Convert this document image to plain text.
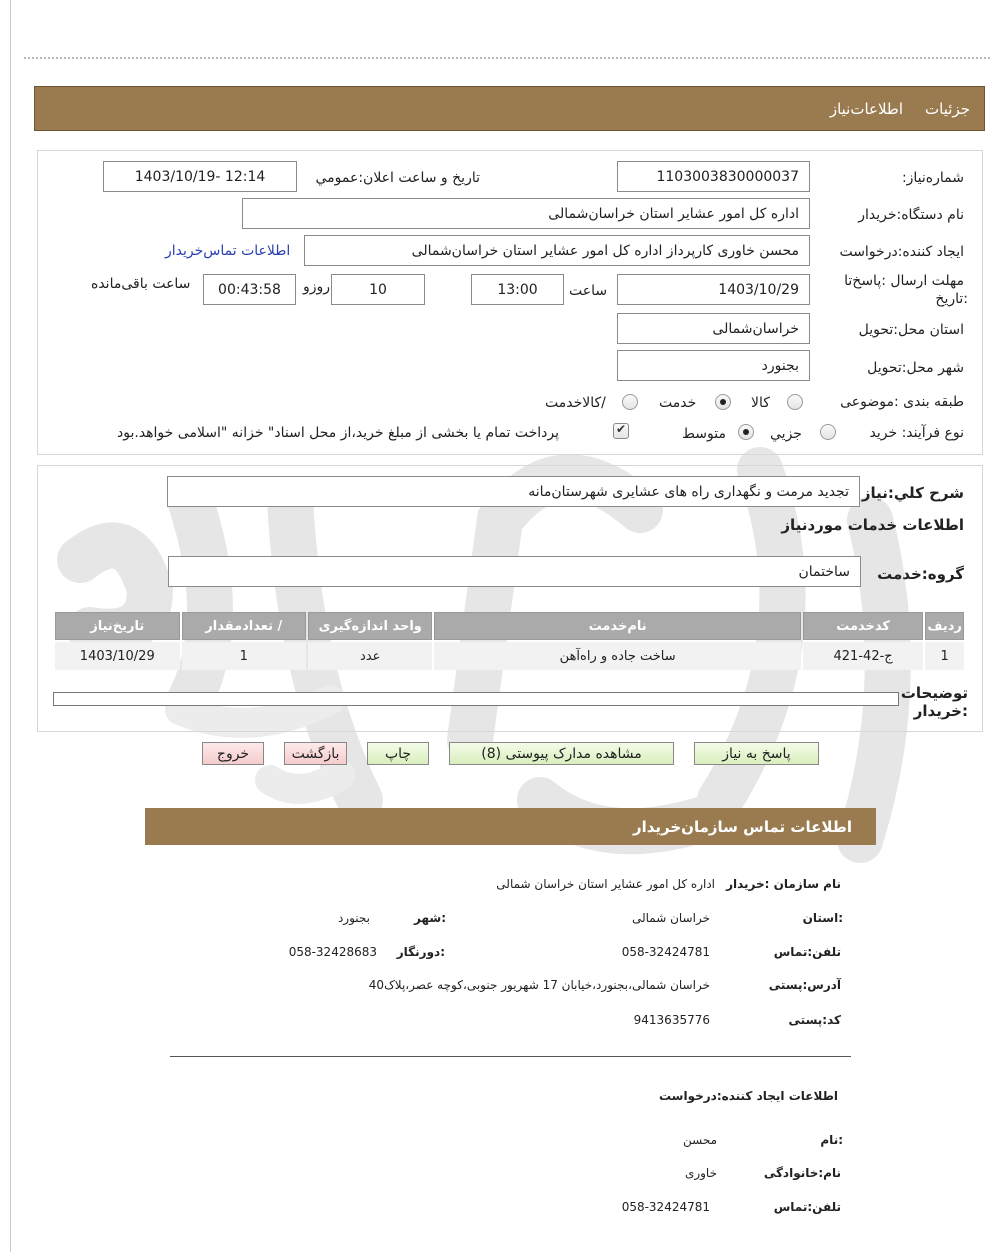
اطلاعات‌نیاز جزئیات
شماره‌نیاز:
1103003830000037
تاریخ و ساعت اعلان:عمومي
1403/10/19- 12:14
نام دستگاه:خریدار
اداره کل امور عشایر استان خراسان‌شمالی
ایجاد کننده:درخواست
محسن خاوری کارپرداز اداره کل امور عشایر استان خراسان‌شمالی
اطلاعات تماس‌خریدار
مهلت ارسال :پاسخ‌تا
:تاریخ
1403/10/29
ساعت
13:00
10
روزو
00:43:58
ساعت باقی‌مانده
استان محل:تحویل
خراسان‌شمالی
شهر محل:تحویل
بجنورد
طبقه بندی :موضوعی
کالا
خدمت
/کالاخدمت
نوع فرآیند: خرید
جزیي
متوسط
✔
پرداخت تمام یا بخشی از مبلغ خرید،از محل اسناد" خزانه "اسلامی خواهد.بود
شرح کلي:نیاز
تجدید مرمت و نگهداری راه های عشایری شهرستان‌مانه
اطلاعات خدمات موردنیاز
گروه:خدمت
ساختمان
ردیف	کدخدمت	نام‌خدمت	واحد اندازه‌گیری	/ تعدادمقدار	تاریخ‌نیاز
1	ج-42-421	ساخت جاده و راه‌آهن	عدد	1	1403/10/29
توضیحات
:خریدار
پاسخ به نیاز
مشاهده مدارک پیوستی (8)
چاپ
بازگشت
خروج
اطلاعات تماس سازمان‌خریدار
نام سازمان :خریدار
اداره کل امور عشایر استان خراسان شمالی
:استان
خراسان شمالی
:شهر
بجنورد
تلفن:تماس
058-32424781
:دورنگار
058-32428683
آدرس:پستی
خراسان شمالی،بجنورد،خیابان 17 شهریور جنوبی،کوچه عصر،پلاک40
کد:پستی
9413635776
اطلاعات ایجاد کننده:درخواست
:نام
محسن
نام:خانوادگی
خاوری
تلفن:تماس
058-32424781
